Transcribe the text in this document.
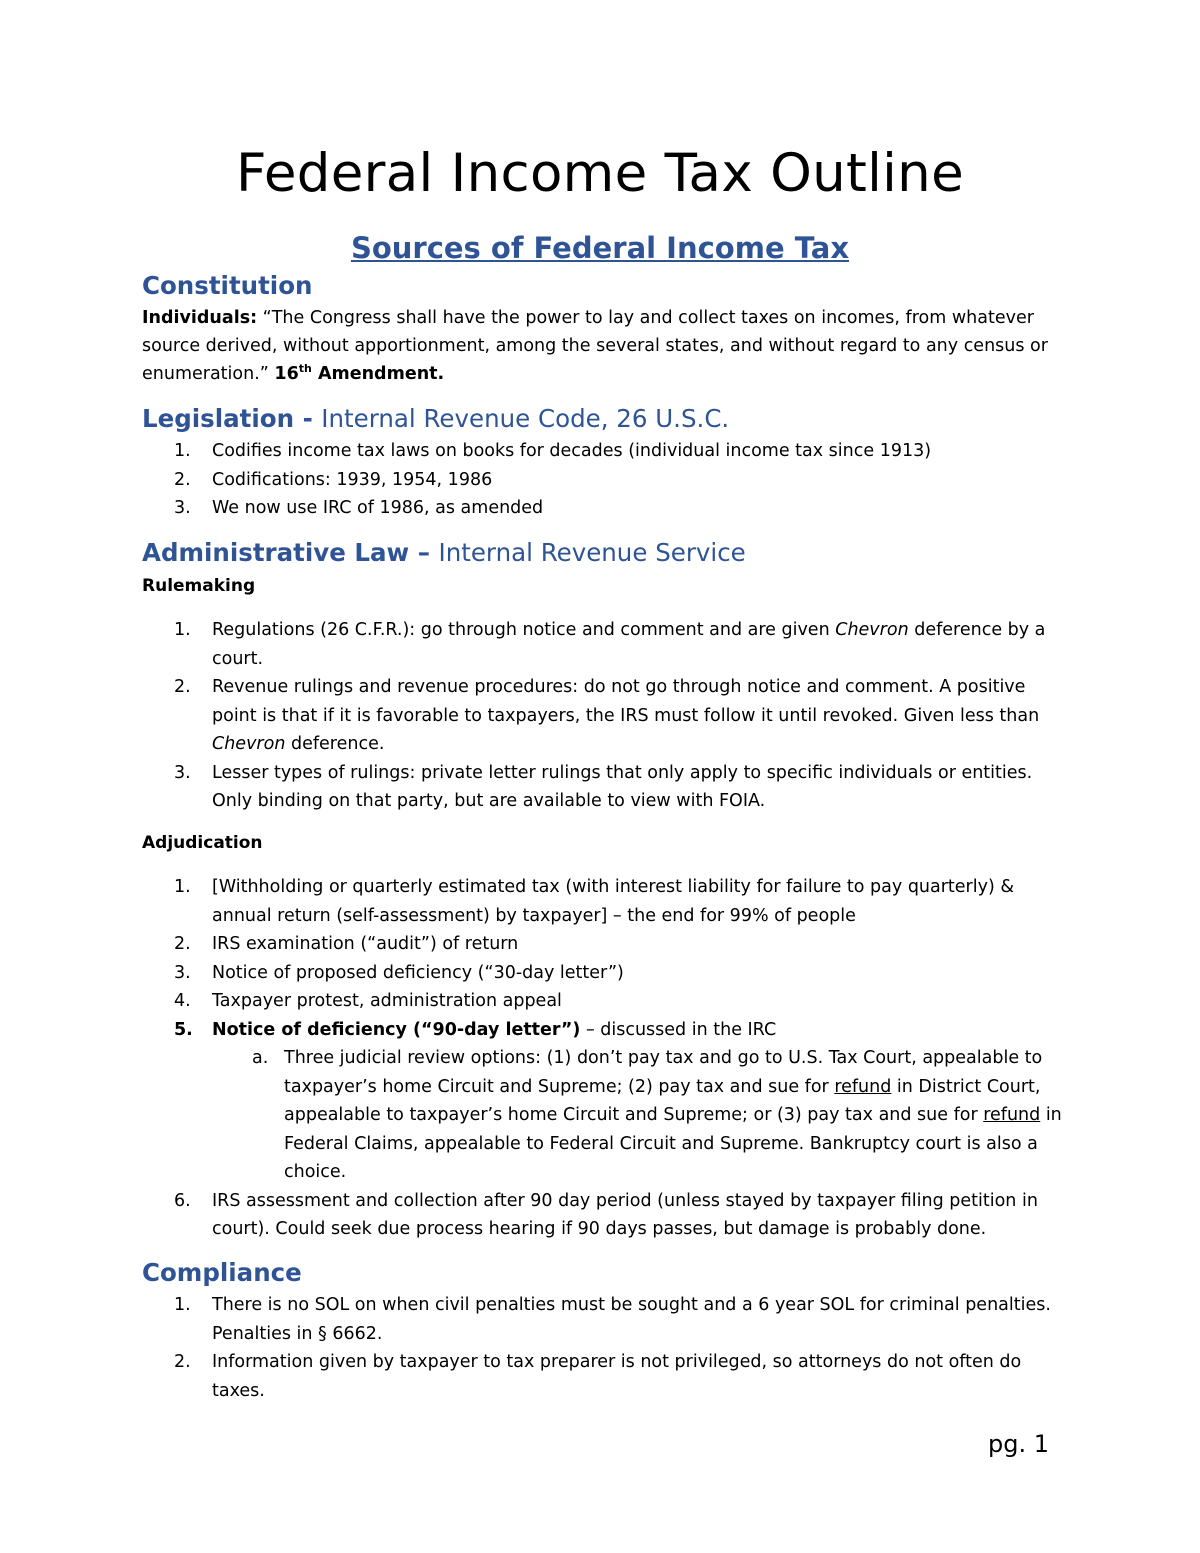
Federal Income Tax Outline
Sources of Federal Income Tax
Constitution
Individuals: “The Congress shall have the power to lay and collect taxes on incomes, from whatever source derived, without apportionment, among the several states, and without regard to any census or enumeration.” 16th Amendment.
Legislation - Internal Revenue Code, 26 U.S.C.
1. Codifies income tax laws on books for decades (individual income tax since 1913)
2. Codifications: 1939, 1954, 1986
3. We now use IRC of 1986, as amended
Administrative Law – Internal Revenue Service
Rulemaking
1. Regulations (26 C.F.R.): go through notice and comment and are given Chevron deference by a court.
2. Revenue rulings and revenue procedures: do not go through notice and comment. A positive point is that if it is favorable to taxpayers, the IRS must follow it until revoked. Given less than Chevron deference.
3. Lesser types of rulings: private letter rulings that only apply to specific individuals or entities. Only binding on that party, but are available to view with FOIA.
Adjudication
1. [Withholding or quarterly estimated tax (with interest liability for failure to pay quarterly) & annual return (self-assessment) by taxpayer] – the end for 99% of people
2. IRS examination (“audit”) of return
3. Notice of proposed deficiency (“30-day letter”)
4. Taxpayer protest, administration appeal
5. Notice of deficiency (“90-day letter”) – discussed in the IRC
a. Three judicial review options: (1) don’t pay tax and go to U.S. Tax Court, appealable to taxpayer’s home Circuit and Supreme; (2) pay tax and sue for refund in District Court, appealable to taxpayer’s home Circuit and Supreme; or (3) pay tax and sue for refund in Federal Claims, appealable to Federal Circuit and Supreme. Bankruptcy court is also a choice.
6. IRS assessment and collection after 90 day period (unless stayed by taxpayer filing petition in court). Could seek due process hearing if 90 days passes, but damage is probably done.
Compliance
1. There is no SOL on when civil penalties must be sought and a 6 year SOL for criminal penalties. Penalties in § 6662.
2. Information given by taxpayer to tax preparer is not privileged, so attorneys do not often do taxes.
pg. 1
